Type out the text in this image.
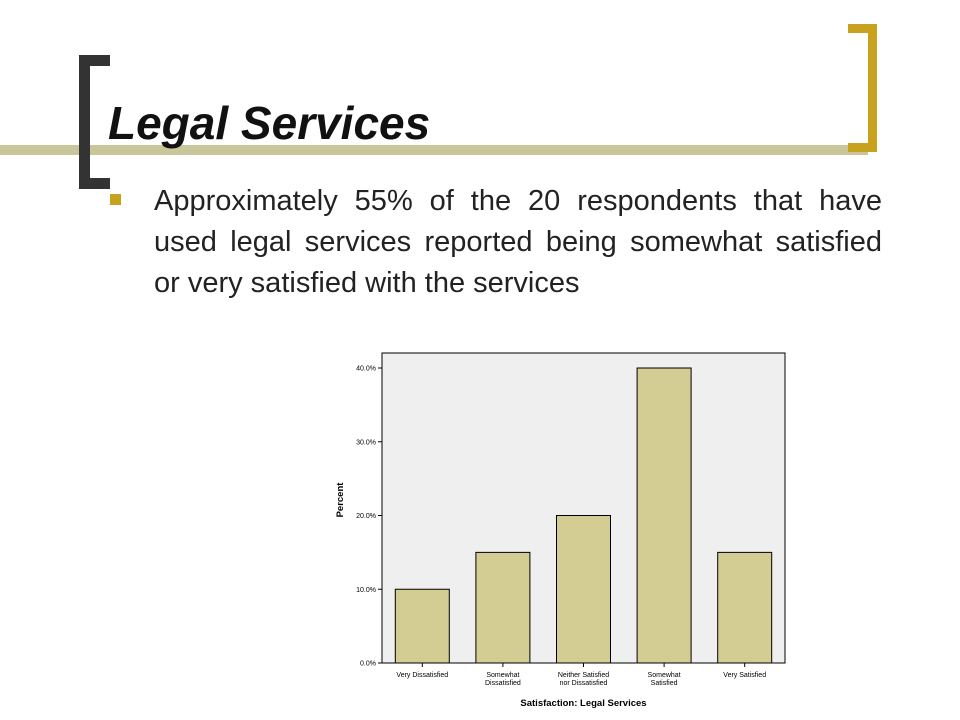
Legal Services

Approximately 55% of the 20 respondents that have used legal services reported being somewhat satisfied or very satisfied with the services

0.0%
10.0%
20.0%
30.0%
40.0%
Very Dissatisfied	Somewhat
Dissatisfied
Neither Satisfied
nor Dissatisfied
Somewhat
Satisfied
Very Satisfied
Satisfaction: Legal Services
Percent
